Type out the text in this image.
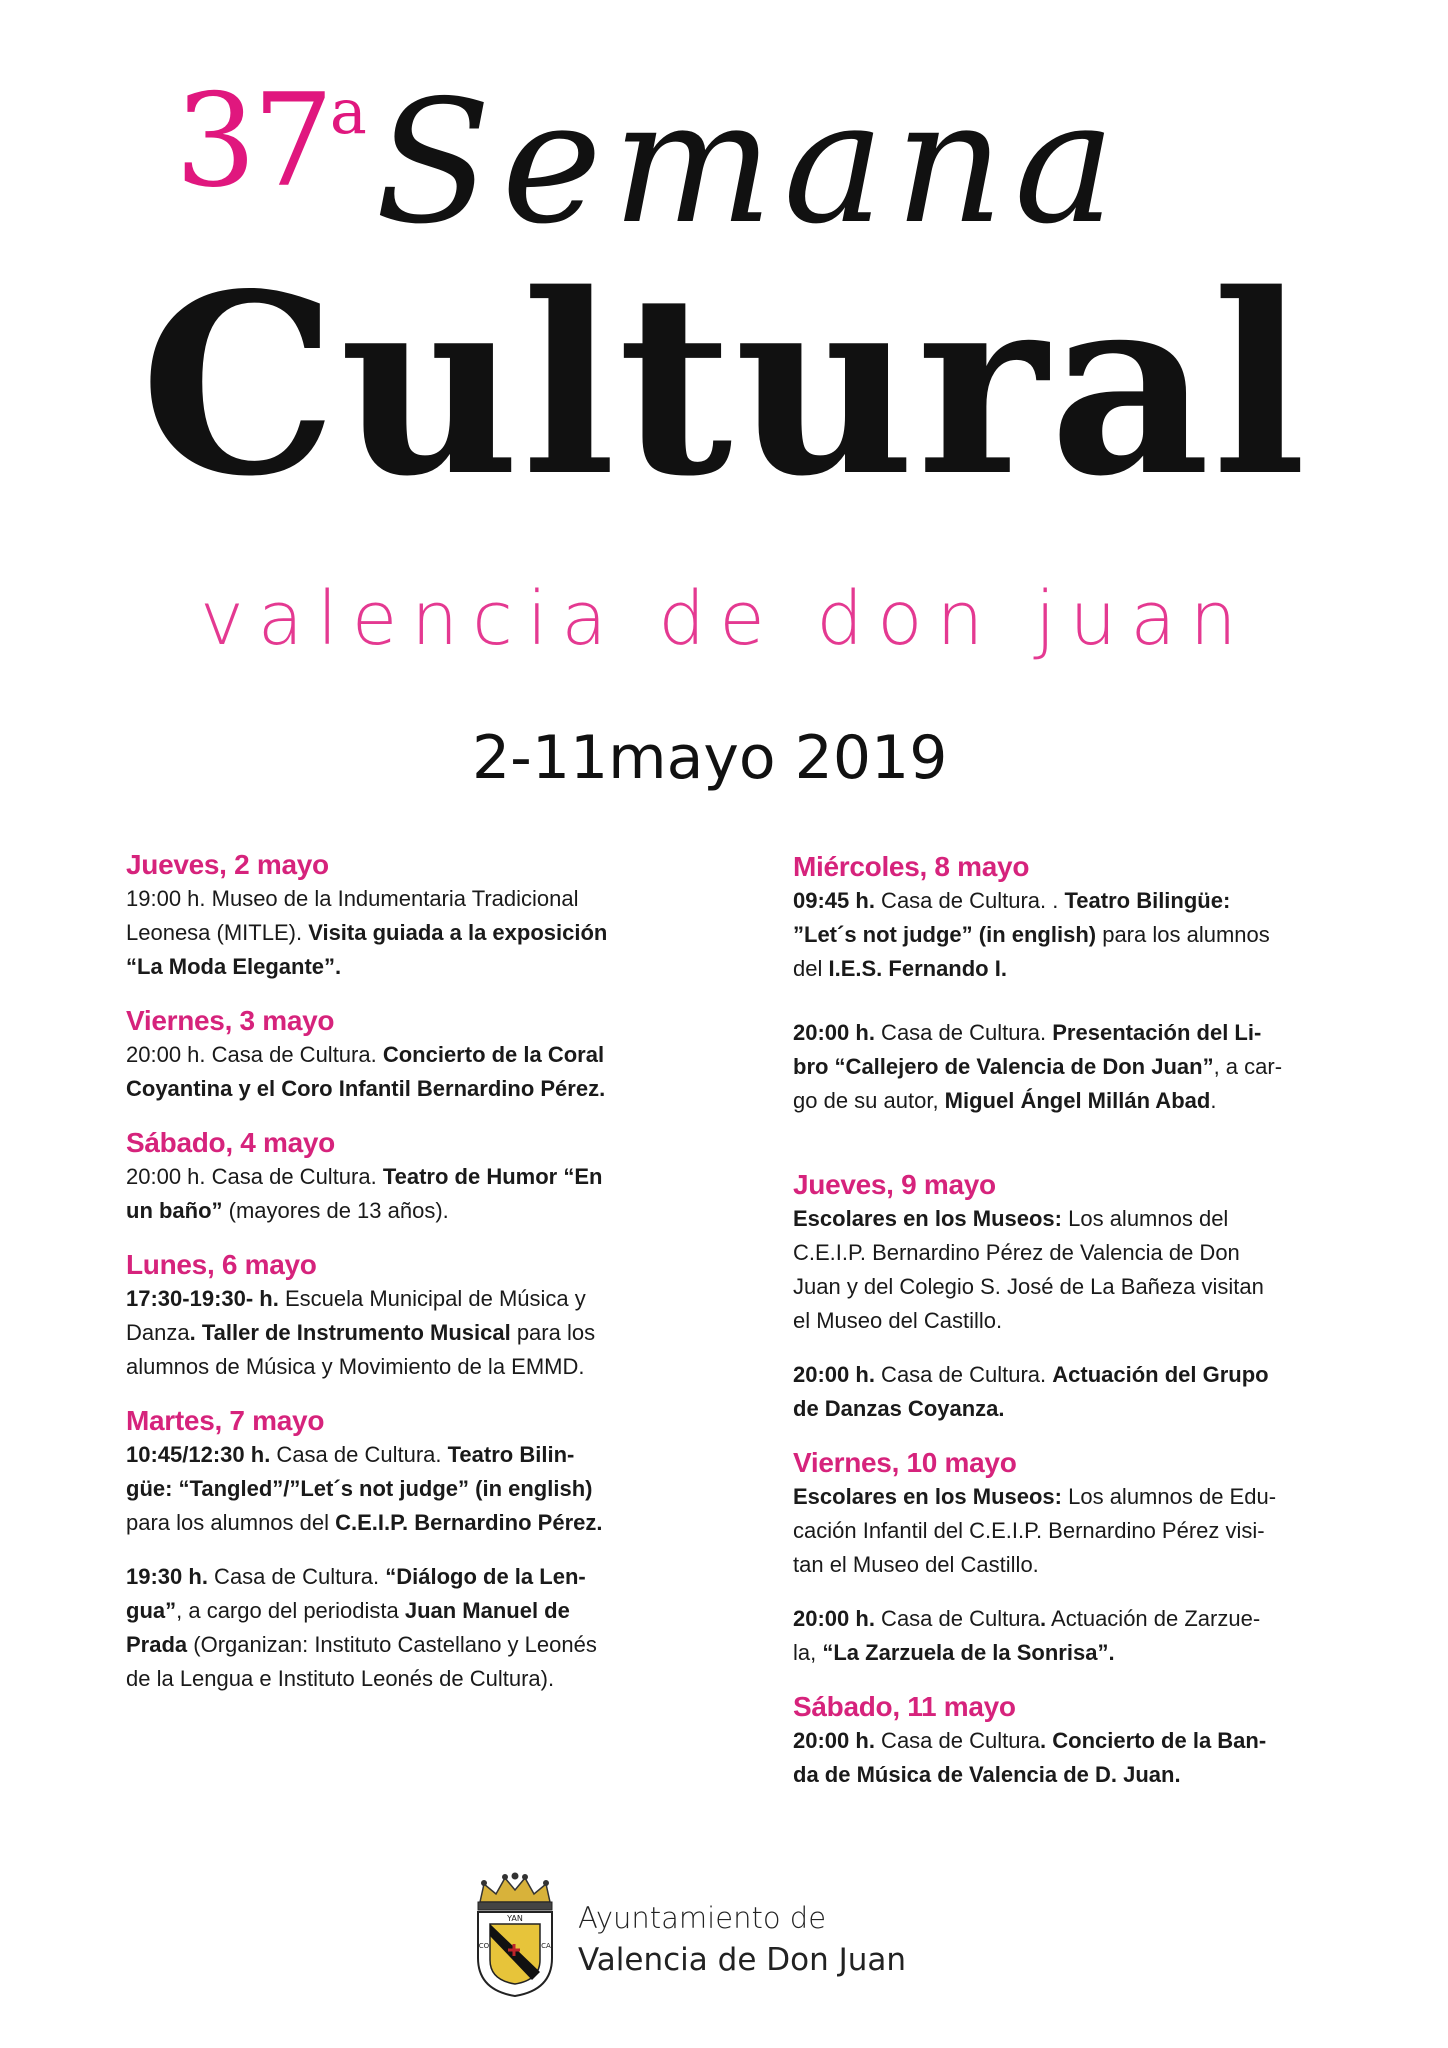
37$^a$ Semana
Cultural
valencia de don juan
2-11mayo 2019

Jueves, 2 mayo

19:00 h. Museo de la Indumentaria Tradicional
Leonesa (MITLE). Visita guiada a la exposición
“La Moda Elegante”.

Viernes, 3 mayo

20:00 h. Casa de Cultura. Concierto de la Coral
Coyantina y el Coro Infantil Bernardino Pérez.

Sábado, 4 mayo

20:00 h. Casa de Cultura. Teatro de Humor “En
un baño” (mayores de 13 años).

Lunes, 6 mayo

17:30-19:30- h. Escuela Municipal de Música y
Danza. Taller de Instrumento Musical para los
alumnos de Música y Movimiento de la EMMD.

Martes, 7 mayo

10:45/12:30 h. Casa de Cultura. Teatro Bilin-
güe: “Tangled”/”Let´s not judge” (in english)
para los alumnos del C.E.I.P. Bernardino Pérez.

19:30 h. Casa de Cultura. “Diálogo de la Len-
gua”, a cargo del periodista Juan Manuel de
Prada (Organizan: Instituto Castellano y Leonés
de la Lengua e Instituto Leonés de Cultura).

Miércoles, 8 mayo

09:45 h. Casa de Cultura. . Teatro Bilingüe:
”Let´s not judge” (in english) para los alumnos
del I.E.S. Fernando I.

20:00 h. Casa de Cultura. Presentación del Li-
bro “Callejero de Valencia de Don Juan”, a car-
go de su autor, Miguel Ángel Millán Abad.

Jueves, 9 mayo

Escolares en los Museos: Los alumnos del
C.E.I.P. Bernardino Pérez de Valencia de Don
Juan y del Colegio S. José de La Bañeza visitan
el Museo del Castillo.

20:00 h. Casa de Cultura. Actuación del Grupo
de Danzas Coyanza.

Viernes, 10 mayo

Escolares en los Museos: Los alumnos de Edu-
cación Infantil del C.E.I.P. Bernardino Pérez visi-
tan el Museo del Castillo.

20:00 h. Casa de Cultura. Actuación de Zarzue-
la, “La Zarzuela de la Sonrisa”.

Sábado, 11 mayo

20:00 h. Casa de Cultura. Concierto de la Ban-
da de Música de Valencia de D. Juan.

YAN
CO	CA
Ayuntamiento de
Valencia de Don Juan
